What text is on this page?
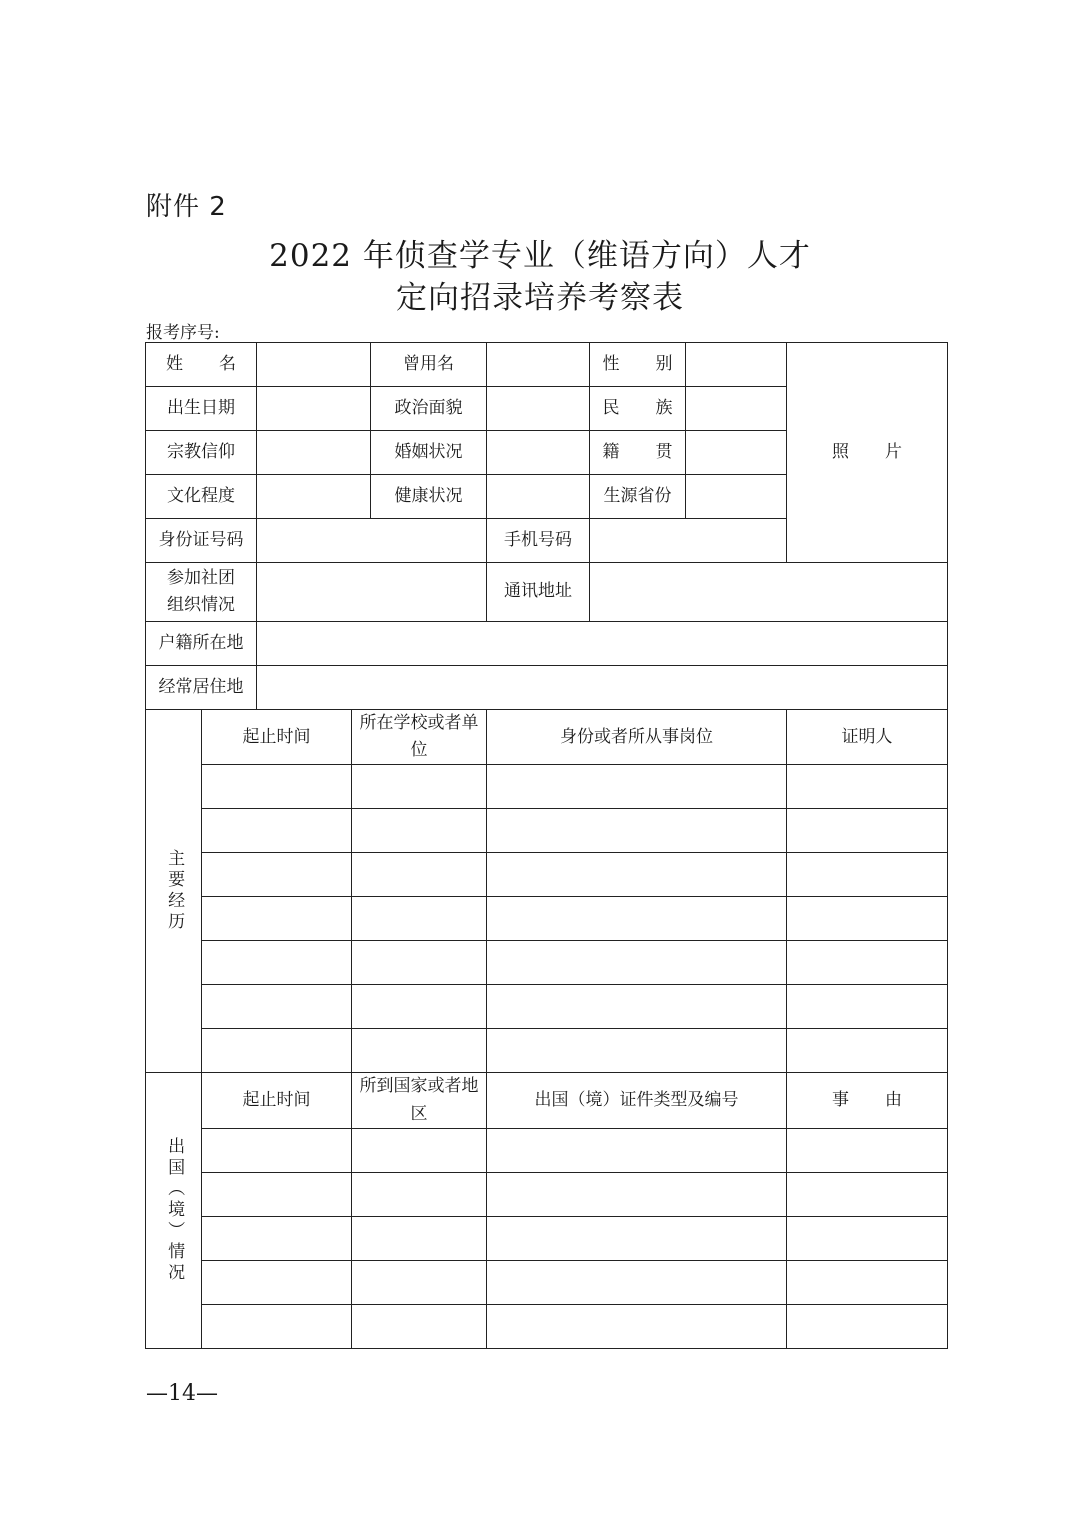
附件 2
2022 年侦查学专业（维语方向）人才
定向招录培养考察表
报考序号:
姓 名				曾用名		性 别		照 片
出生日期				政治面貌		民 族		
宗教信仰				婚姻状况		籍 贯		
文化程度				健康状况		生源省份		
身份证号码					手机号码			

参加社团
组织情况					通讯地址			
户籍所在地								
经常居住地								

主要经历	起止时间		所在学校或者单位		身份或者所从事岗位			证明人

出国（境）情况	起止时间		所到国家或者地区		出国（境）证件类型及编号			事 由

—14—
